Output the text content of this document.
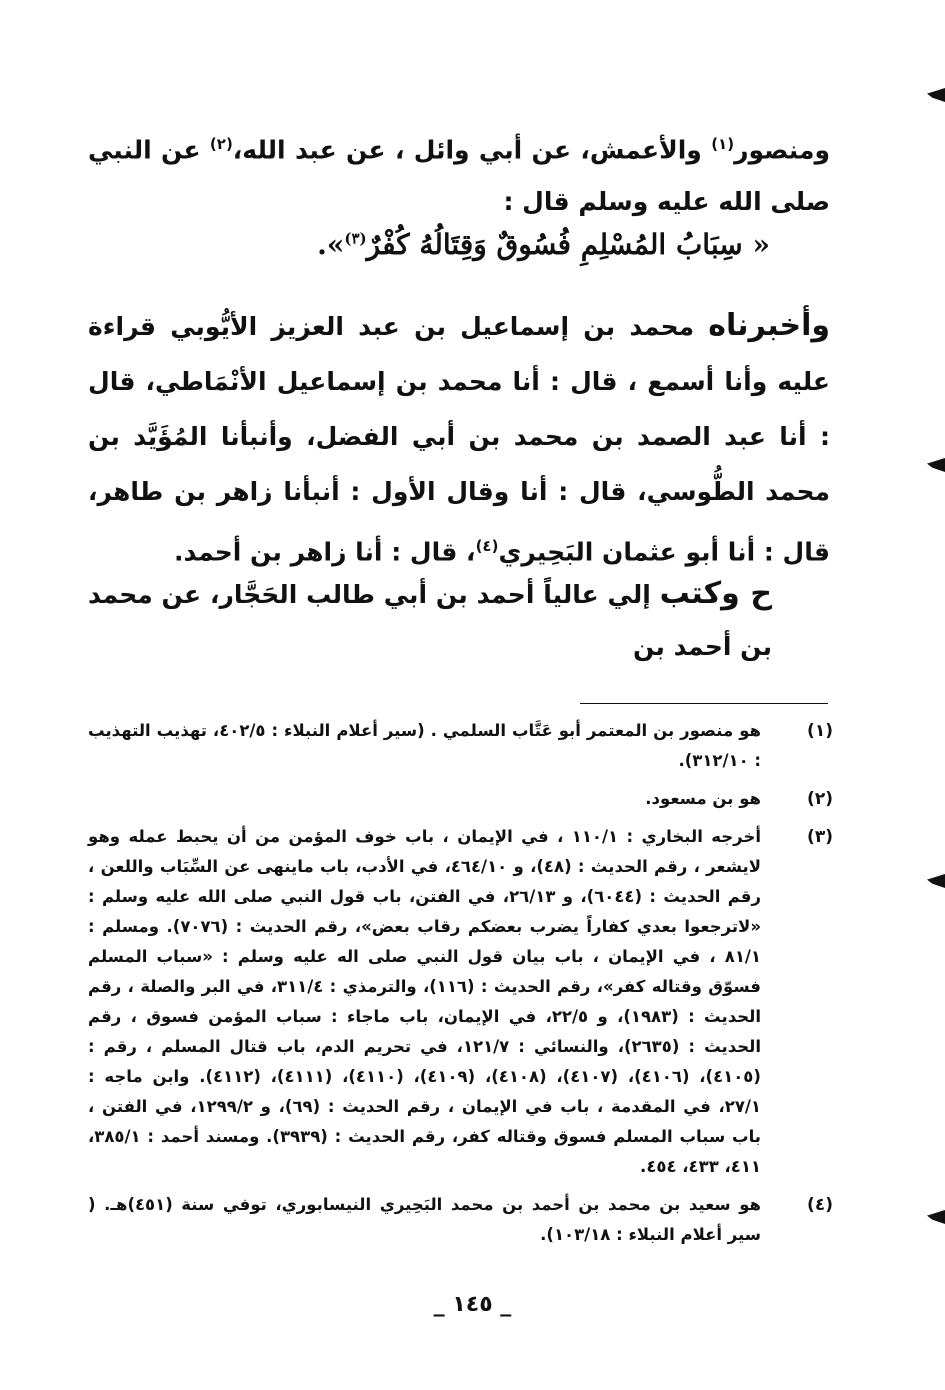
ومنصور$^{(١)}$ والأعمش، عن أبي وائل ، عن عبد الله،$^{(٢)}$ عن النبي صلى الله عليه وسلم قال :
« سِبَابُ المُسْلِمِ فُسُوقٌ وَقِتَالُهُ كُفْرٌ$^{(٣)}$».
وأخبرناه محمد بن إسماعيل بن عبد العزيز الأيُّوبي قراءة عليه وأنا أسمع ، قال : أنا محمد بن إسماعيل الأنْمَاطي، قال : أنا عبد الصمد بن محمد بن أبي الفضل، وأنبأنا المُؤَيَّد بن محمد الطُّوسي، قال : أنا وقال الأول : أنبأنا زاهر بن طاهر، قال : أنا أبو عثمان البَحِيري$^{(٤)}$، قال : أنا زاهر بن أحمد.
ح وكتب إلي عالياً أحمد بن أبي طالب الحَجَّار، عن محمد بن أحمد بن
(١)
هو منصور بن المعتمر أبو عَتَّاب السلمي . (سير أعلام النبلاء : ٤٠٢/٥، تهذيب التهذيب : ٣١٢/١٠).
(٢)
هو بن مسعود.
(٣)
أخرجه البخاري : ١١٠/١ ، في الإيمان ، باب خوف المؤمن من أن يحبط عمله وهو لايشعر ، رقم الحديث : (٤٨)، و ٤٦٤/١٠، في الأدب، باب ماينهى عن السِّبَاب واللعن ، رقم الحديث : (٦٠٤٤)، و ٢٦/١٣، في الفتن، باب قول النبي صلى الله عليه وسلم : «لاترجعوا بعدي كفاراً يضرب بعضكم رقاب بعض»، رقم الحديث : (٧٠٧٦). ومسلم : ٨١/١ ، في الإيمان ، باب بيان قول النبي صلى اله عليه وسلم : «سباب المسلم فسوّق وقتاله كفر»، رقم الحديث : (١١٦)، والترمذي : ٣١١/٤، في البر والصلة ، رقم الحديث : (١٩٨٣)، و ٢٢/٥، في الإيمان، باب ماجاء : سباب المؤمن فسوق ، رقم الحديث : (٢٦٣٥)، والنسائي : ١٢١/٧، في تحريم الدم، باب قتال المسلم ، رقم : (٤١٠٥)، (٤١٠٦)، (٤١٠٧)، (٤١٠٨)، (٤١٠٩)، (٤١١٠)، (٤١١١)، (٤١١٢). وابن ماجه : ٢٧/١، في المقدمة ، باب في الإيمان ، رقم الحديث : (٦٩)، و ١٢٩٩/٢، في الفتن ، باب سباب المسلم فسوق وقتاله كفر، رقم الحديث : (٣٩٣٩). ومسند أحمد : ٣٨٥/١، ٤١١، ٤٣٣، ٤٥٤.
(٤)
هو سعيد بن محمد بن أحمد بن محمد البَحِيري النيسابوري، توفي سنة (٤٥١)هـ. ( سير أعلام النبلاء : ١٠٣/١٨).
_ ١٤٥ _
